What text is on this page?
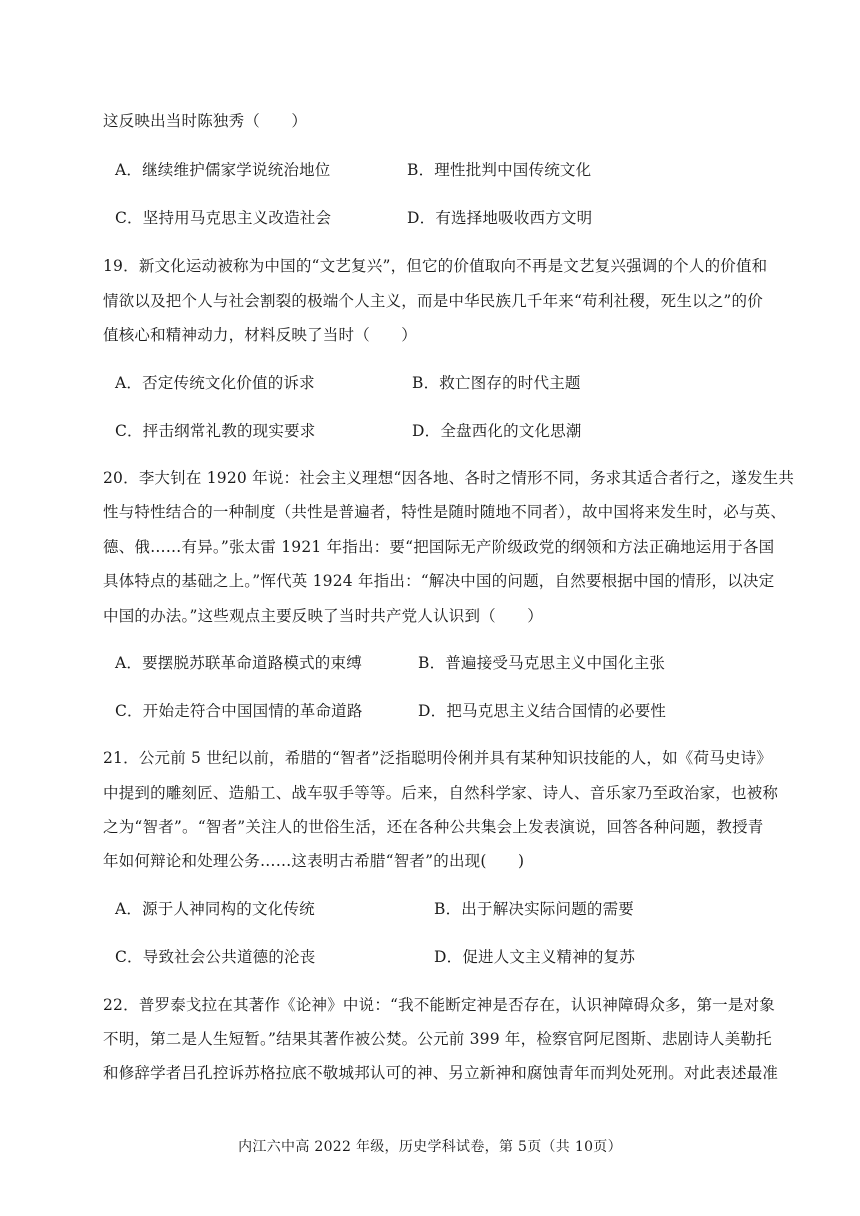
这反映出当时陈独秀（　　）
A．继续维护儒家学说统治地位	B．理性批判中国传统文化
C．坚持用马克思主义改造社会	D．有选择地吸收西方文明
19．新文化运动被称为中国的“文艺复兴”，但它的价值取向不再是文艺复兴强调的个人的价值和
情欲以及把个人与社会割裂的极端个人主义，而是中华民族几千年来“苟利社稷，死生以之”的价
值核心和精神动力，材料反映了当时（　　）
A．否定传统文化价值的诉求	B．救亡图存的时代主题
C．抨击纲常礼教的现实要求	D．全盘西化的文化思潮
20．李大钊在 1920 年说：社会主义理想“因各地、各时之情形不同，务求其适合者行之，遂发生共
性与特性结合的一种制度（共性是普遍者，特性是随时随地不同者），故中国将来发生时，必与英、
德、俄……有异。”张太雷 1921 年指出：要“把国际无产阶级政党的纲领和方法正确地运用于各国
具体特点的基础之上。”恽代英 1924 年指出：“解决中国的问题，自然要根据中国的情形，以决定
中国的办法。”这些观点主要反映了当时共产党人认识到（　　）
A．要摆脱苏联革命道路模式的束缚	B．普遍接受马克思主义中国化主张
C．开始走符合中国国情的革命道路	D．把马克思主义结合国情的必要性
21．公元前 5 世纪以前，希腊的“智者”泛指聪明伶俐并具有某种知识技能的人，如《荷马史诗》
中提到的雕刻匠、造船工、战车驭手等等。后来，自然科学家、诗人、音乐家乃至政治家，也被称
之为“智者”。“智者”关注人的世俗生活，还在各种公共集会上发表演说，回答各种问题，教授青
年如何辩论和处理公务……这表明古希腊“智者”的出现(　　)
A．源于人神同构的文化传统	B．出于解决实际问题的需要
C．导致社会公共道德的沦丧	D．促进人文主义精神的复苏
22．普罗泰戈拉在其著作《论神》中说：“我不能断定神是否存在，认识神障碍众多，第一是对象
不明，第二是人生短暂。”结果其著作被公焚。公元前 399 年，检察官阿尼图斯、悲剧诗人美勒托
和修辞学者吕孔控诉苏格拉底不敬城邦认可的神、另立新神和腐蚀青年而判处死刑。对此表述最准
内江六中高 2022 年级，历史学科试卷，第 5页（共 10页）
